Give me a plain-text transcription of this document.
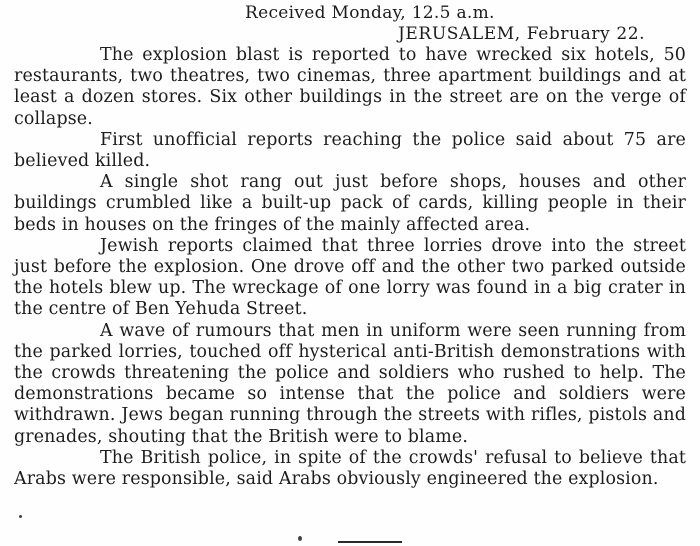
Received Monday, 12.5 a.m.
JERUSALEM, February 22.

The explosion blast is reported to have wrecked six hotels, 50 restaurants, two theatres, two cinemas, three apartment buildings and at least a dozen stores. Six other buildings in the street are on the verge of collapse.

First unofficial reports reaching the police said about 75 are believed killed.

A single shot rang out just before shops, houses and other buildings crumbled like a built-up pack of cards, killing people in their beds in houses on the fringes of the mainly affected area.

Jewish reports claimed that three lorries drove into the street just before the explosion. One drove off and the other two parked outside the hotels blew up. The wreckage of one lorry was found in a big crater in the centre of Ben Yehuda Street.

A wave of rumours that men in uniform were seen running from the parked lorries, touched off hysterical anti-British demonstrations with the crowds threatening the police and soldiers who rushed to help. The demonstrations became so intense that the police and soldiers were withdrawn. Jews began running through the streets with rifles, pistols and grenades, shouting that the British were to blame.

The British police, in spite of the crowds' refusal to believe that Arabs were responsible, said Arabs obviously engineered the explosion.
